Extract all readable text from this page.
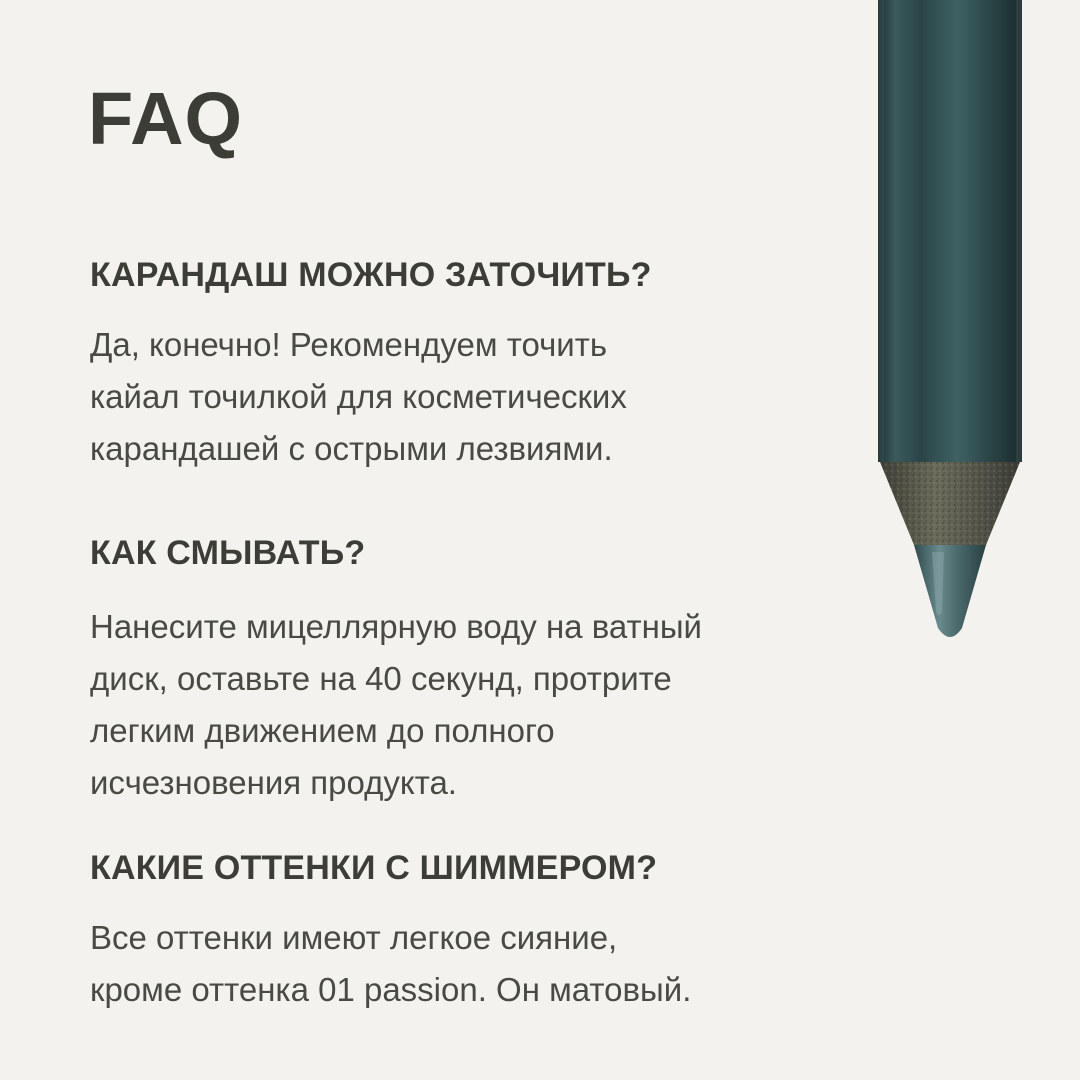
FAQ
КАРАНДАШ МОЖНО ЗАТОЧИТЬ?

Да, конечно! Рекомендуем точить
кайал точилкой для косметических
карандашей с острыми лезвиями.

КАК СМЫВАТЬ?

Нанесите мицеллярную воду на ватный
диск, оставьте на 40 секунд, протрите
легким движением до полного
исчезновения продукта.

КАКИЕ ОТТЕНКИ С ШИММЕРОМ?

Все оттенки имеют легкое сияние,
кроме оттенка 01 passion. Он матовый.
